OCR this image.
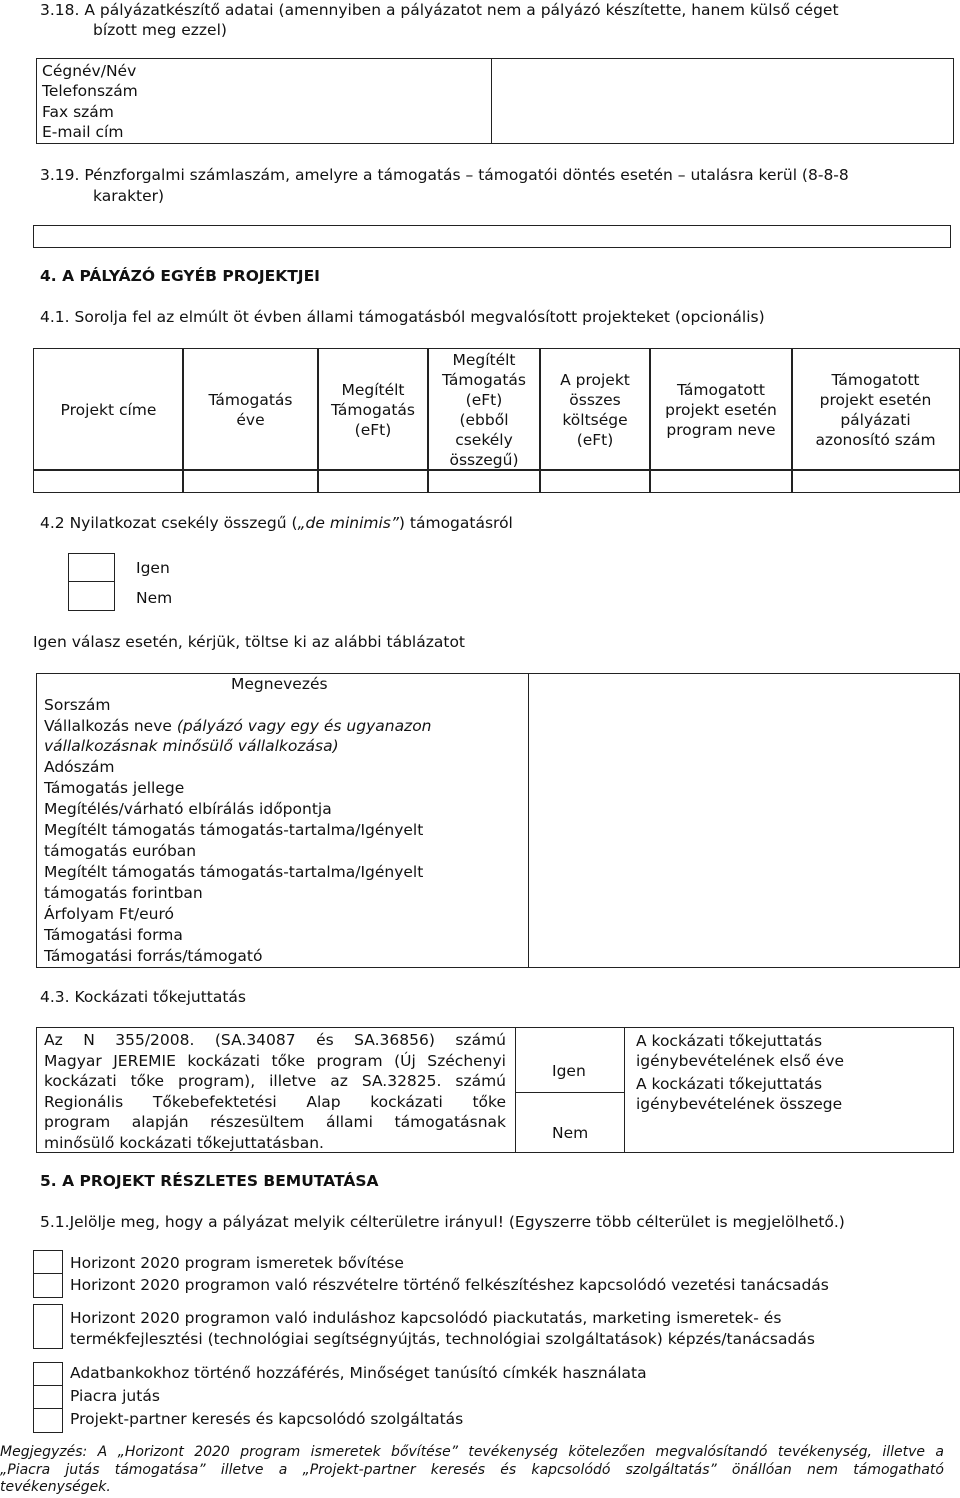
3.18. A pályázatkészítő adatai (amennyiben a pályázatot nem a pályázó készítette, hanem külső céget
bízott meg ezzel)
Cégnév/Név
Telefonszám
Fax szám
E-mail cím
3.19. Pénzforgalmi számlaszám, amelyre a támogatás – támogatói döntés esetén – utalásra kerül (8-8-8
karakter)
4. A PÁLYÁZÓ EGYÉB PROJEKTJEI
4.1. Sorolja fel az elmúlt öt évben állami támogatásból megvalósított projekteket (opcionális)
Projekt címe
Támogatás
éve
Megítélt
Támogatás
(eFt)
Megítélt
Támogatás
(eFt)
(ebből
csekély
összegű)
A projekt
összes
költsége
(eFt)
Támogatott
projekt esetén
program neve
Támogatott
projekt esetén
pályázati
azonosító szám
4.2 Nyilatkozat csekély összegű („de minimis”) támogatásról
Igen
Nem
Igen válasz esetén, kérjük, töltse ki az alábbi táblázatot
Megnevezés
Sorszám
Vállalkozás neve (pályázó vagy egy és ugyanazon
vállalkozásnak minősülő vállalkozása)
Adószám
Támogatás jellege
Megítélés/várható elbírálás időpontja
Megítélt támogatás támogatás-tartalma/Igényelt
támogatás euróban
Megítélt támogatás támogatás-tartalma/Igényelt
támogatás forintban
Árfolyam Ft/euró
Támogatási forma
Támogatási forrás/támogató
4.3. Kockázati tőkejuttatás
Az N 355/2008. (SA.34087 és SA.36856) számú
Magyar JEREMIE kockázati tőke program (Új Széchenyi
kockázati tőke program), illetve az SA.32825. számú
Regionális Tőkebefektetési Alap kockázati tőke
program alapján részesültem állami támogatásnak
minősülő kockázati tőkejuttatásban.
Igen
Nem
A kockázati tőkejuttatás
igénybevételének első éve
A kockázati tőkejuttatás
igénybevételének összege
5. A PROJEKT RÉSZLETES BEMUTATÁSA
5.1.Jelölje meg, hogy a pályázat melyik célterületre irányul! (Egyszerre több célterület is megjelölhető.)
Horizont 2020 program ismeretek bővítése
Horizont 2020 programon való részvételre történő felkészítéshez kapcsolódó vezetési tanácsadás
Horizont 2020 programon való induláshoz kapcsolódó piackutatás, marketing ismeretek- és
termékfejlesztési (technológiai segítségnyújtás, technológiai szolgáltatások) képzés/tanácsadás
Adatbankokhoz történő hozzáférés, Minőséget tanúsító címkék használata
Piacra jutás
Projekt-partner keresés és kapcsolódó szolgáltatás
Megjegyzés: A „Horizont 2020 program ismeretek bővítése” tevékenység kötelezően megvalósítandó tevékenység, illetve a
„Piacra jutás támogatása” illetve a „Projekt-partner keresés és kapcsolódó szolgáltatás” önállóan nem támogatható
tevékenységek.
